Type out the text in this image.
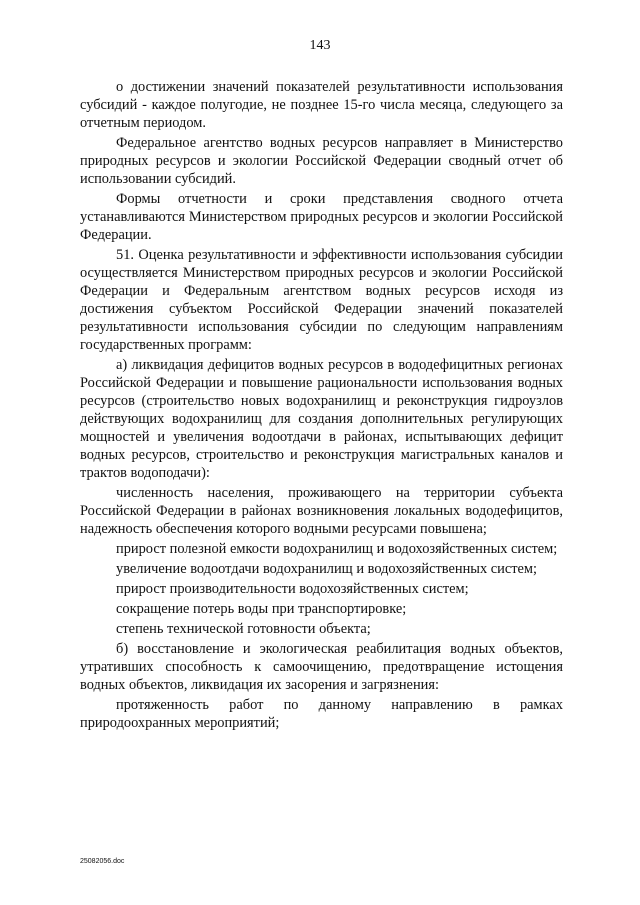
143

о достижении значений показателей результативности использования субсидий - каждое полугодие, не позднее 15-го числа месяца, следующего за отчетным периодом.

Федеральное агентство водных ресурсов направляет в Министерство природных ресурсов и экологии Российской Федерации сводный отчет об использовании субсидий.

Формы отчетности и сроки представления сводного отчета устанавливаются Министерством природных ресурсов и экологии Российской Федерации.

51. Оценка результативности и эффективности использования субсидии осуществляется Министерством природных ресурсов и экологии Российской Федерации и Федеральным агентством водных ресурсов исходя из достижения субъектом Российской Федерации значений показателей результативности использования субсидии по следующим направлениям государственных программ:

а) ликвидация дефицитов водных ресурсов в вододефицитных регионах Российской Федерации и повышение рациональности использования водных ресурсов (строительство новых водохранилищ и реконструкция гидроузлов действующих водохранилищ для создания дополнительных регулирующих мощностей и увеличения водоотдачи в районах, испытывающих дефицит водных ресурсов, строительство и реконструкция магистральных каналов и трактов водоподачи):

численность населения, проживающего на территории субъекта Российской Федерации в районах возникновения локальных вододефицитов, надежность обеспечения которого водными ресурсами повышена;

прирост полезной емкости водохранилищ и водохозяйственных систем;

увеличение водоотдачи водохранилищ и водохозяйственных систем;

прирост производительности водохозяйственных систем;

сокращение потерь воды при транспортировке;

степень технической готовности объекта;

б) восстановление и экологическая реабилитация водных объектов, утративших способность к самоочищению, предотвращение истощения водных объектов, ликвидация их засорения и загрязнения:

протяженность работ по данному направлению в рамках природоохранных мероприятий;

25082056.doc
